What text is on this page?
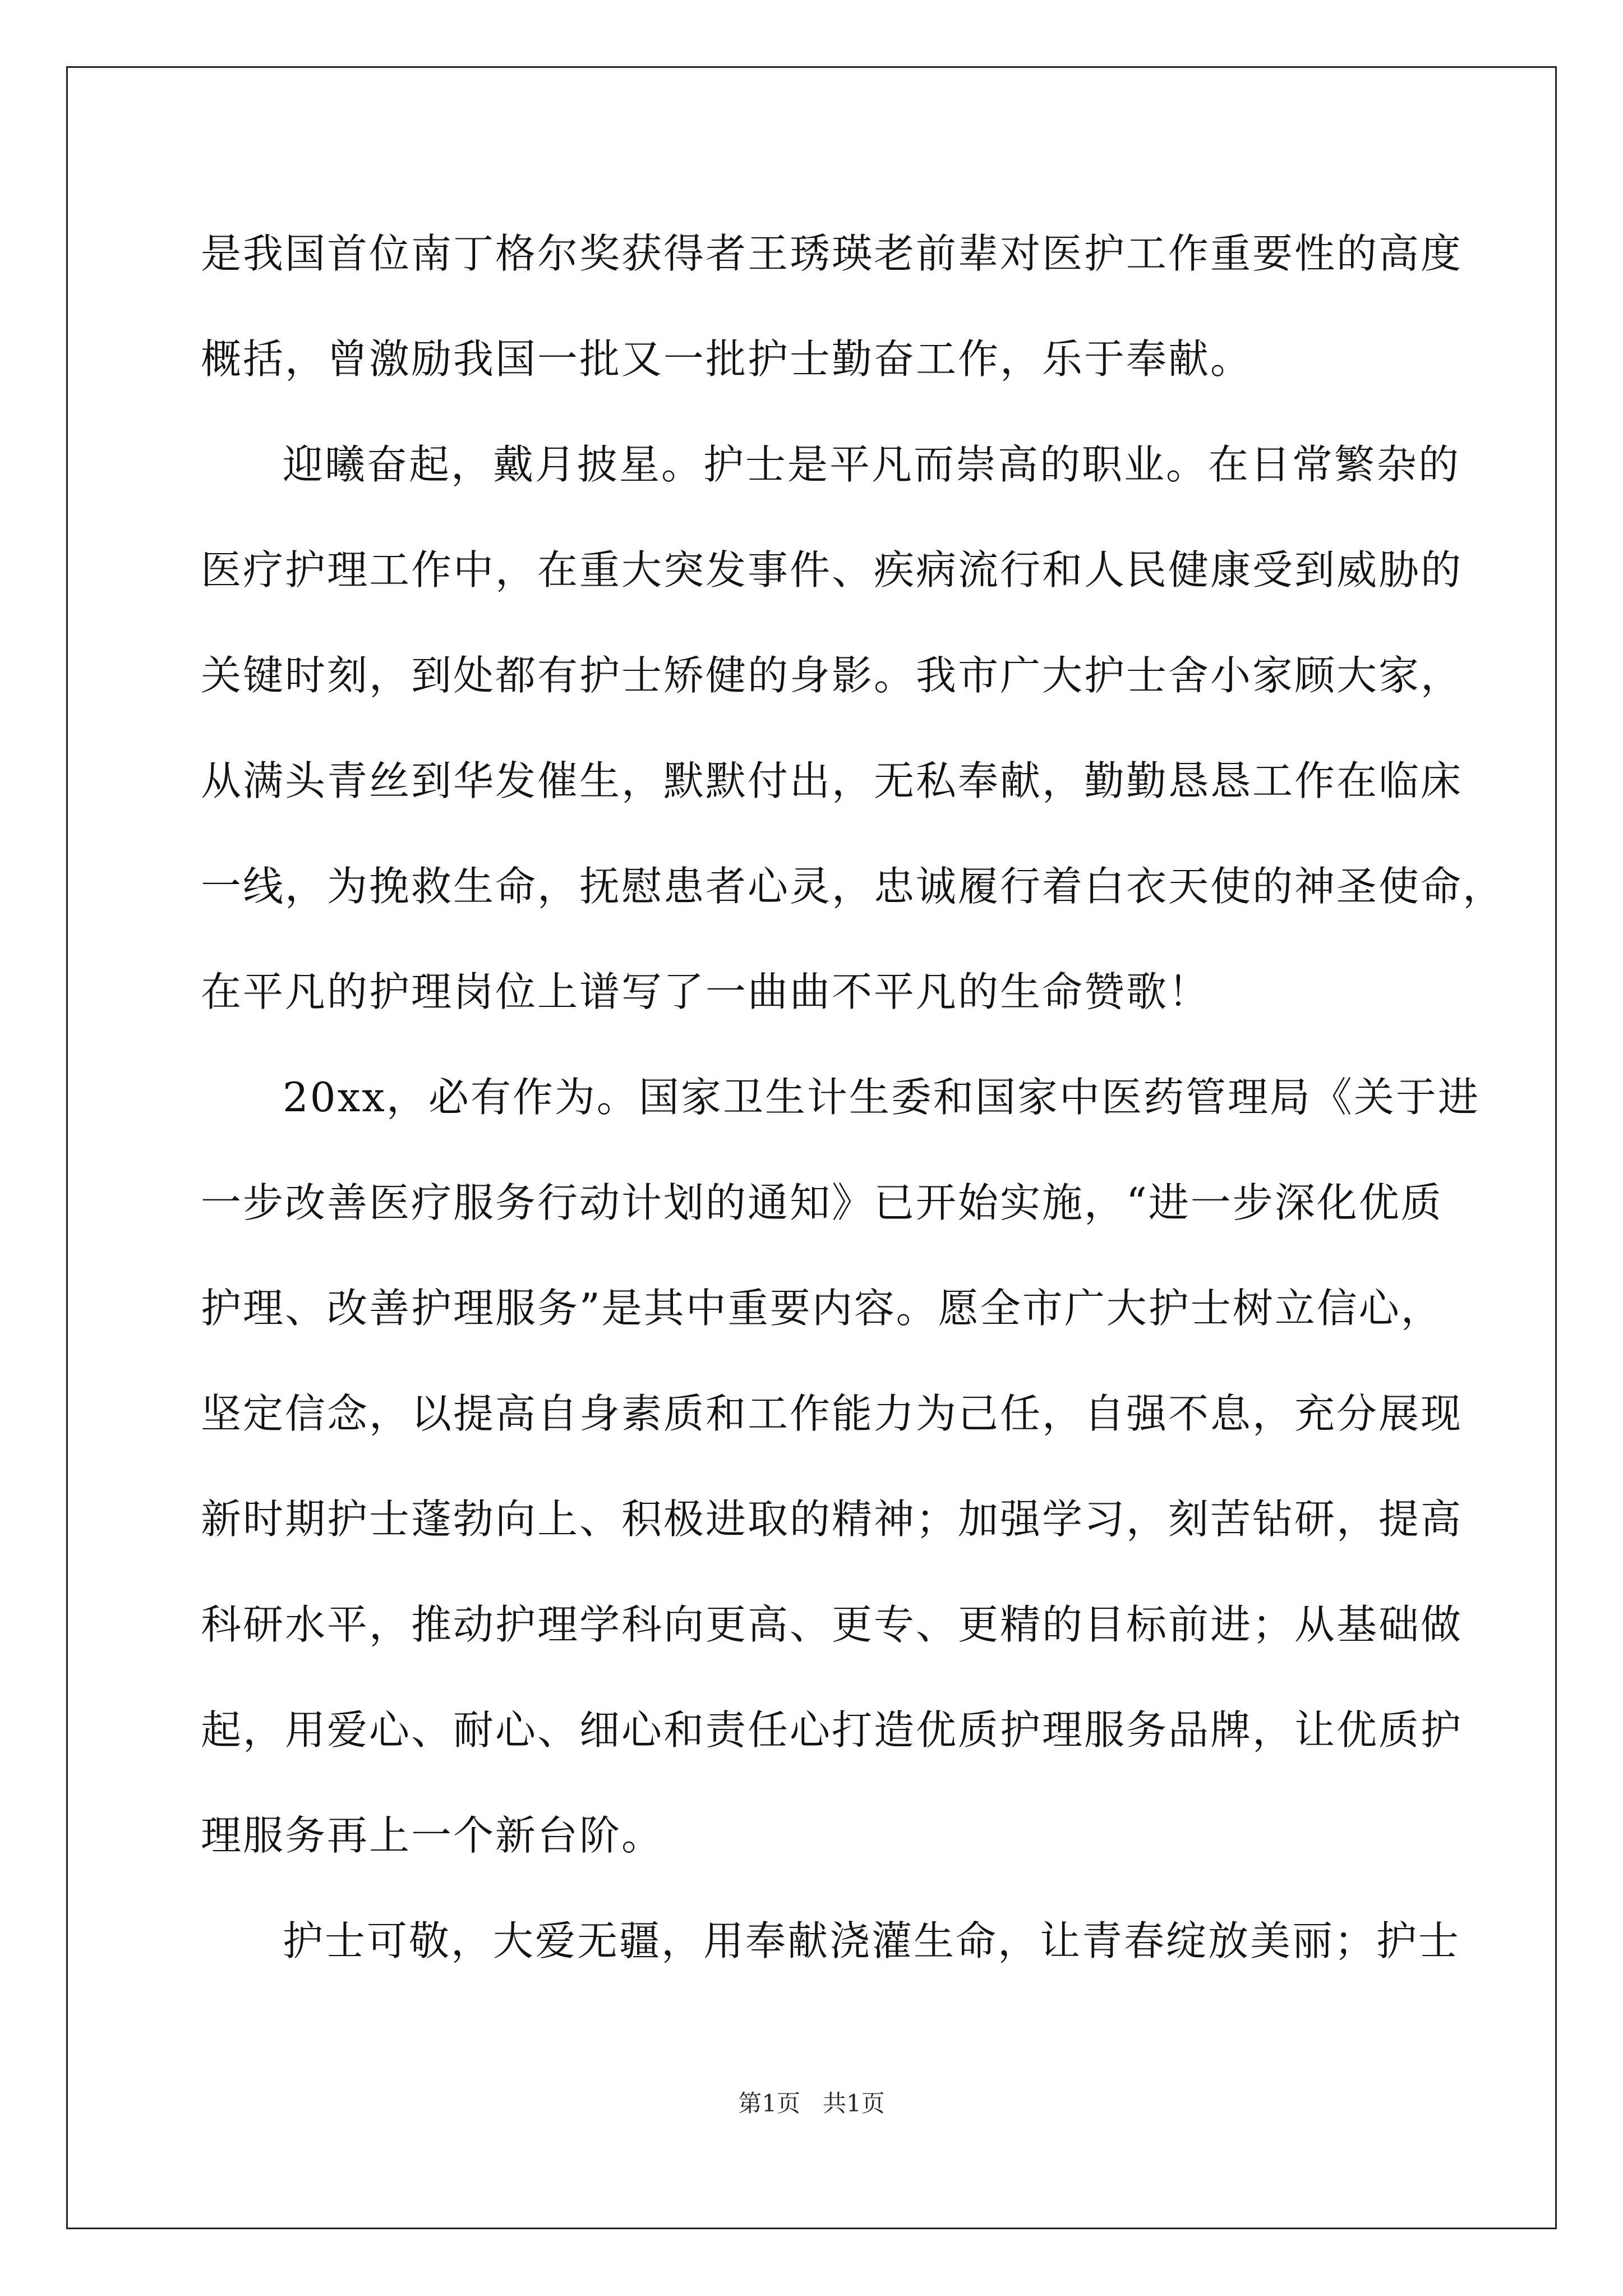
是我国首位南丁格尔奖获得者王琇瑛老前辈对医护工作重要性的高度
概括，曾激励我国一批又一批护士勤奋工作，乐于奉献。
迎曦奋起，戴月披星。护士是平凡而崇高的职业。在日常繁杂的
医疗护理工作中，在重大突发事件、疾病流行和人民健康受到威胁的
关键时刻，到处都有护士矫健的身影。我市广大护士舍小家顾大家，
从满头青丝到华发催生，默默付出，无私奉献，勤勤恳恳工作在临床
一线，为挽救生命，抚慰患者心灵，忠诚履行着白衣天使的神圣使命，
在平凡的护理岗位上谱写了一曲曲不平凡的生命赞歌！
20xx，必有作为。国家卫生计生委和国家中医药管理局《关于进
一步改善医疗服务行动计划的通知》已开始实施，“进一步深化优质
护理、改善护理服务”是其中重要内容。愿全市广大护士树立信心，
坚定信念，以提高自身素质和工作能力为己任，自强不息，充分展现
新时期护士蓬勃向上、积极进取的精神；加强学习，刻苦钻研，提高
科研水平，推动护理学科向更高、更专、更精的目标前进；从基础做
起，用爱心、耐心、细心和责任心打造优质护理服务品牌，让优质护
理服务再上一个新台阶。
护士可敬，大爱无疆，用奉献浇灌生命，让青春绽放美丽；护士
第1页 共1页
